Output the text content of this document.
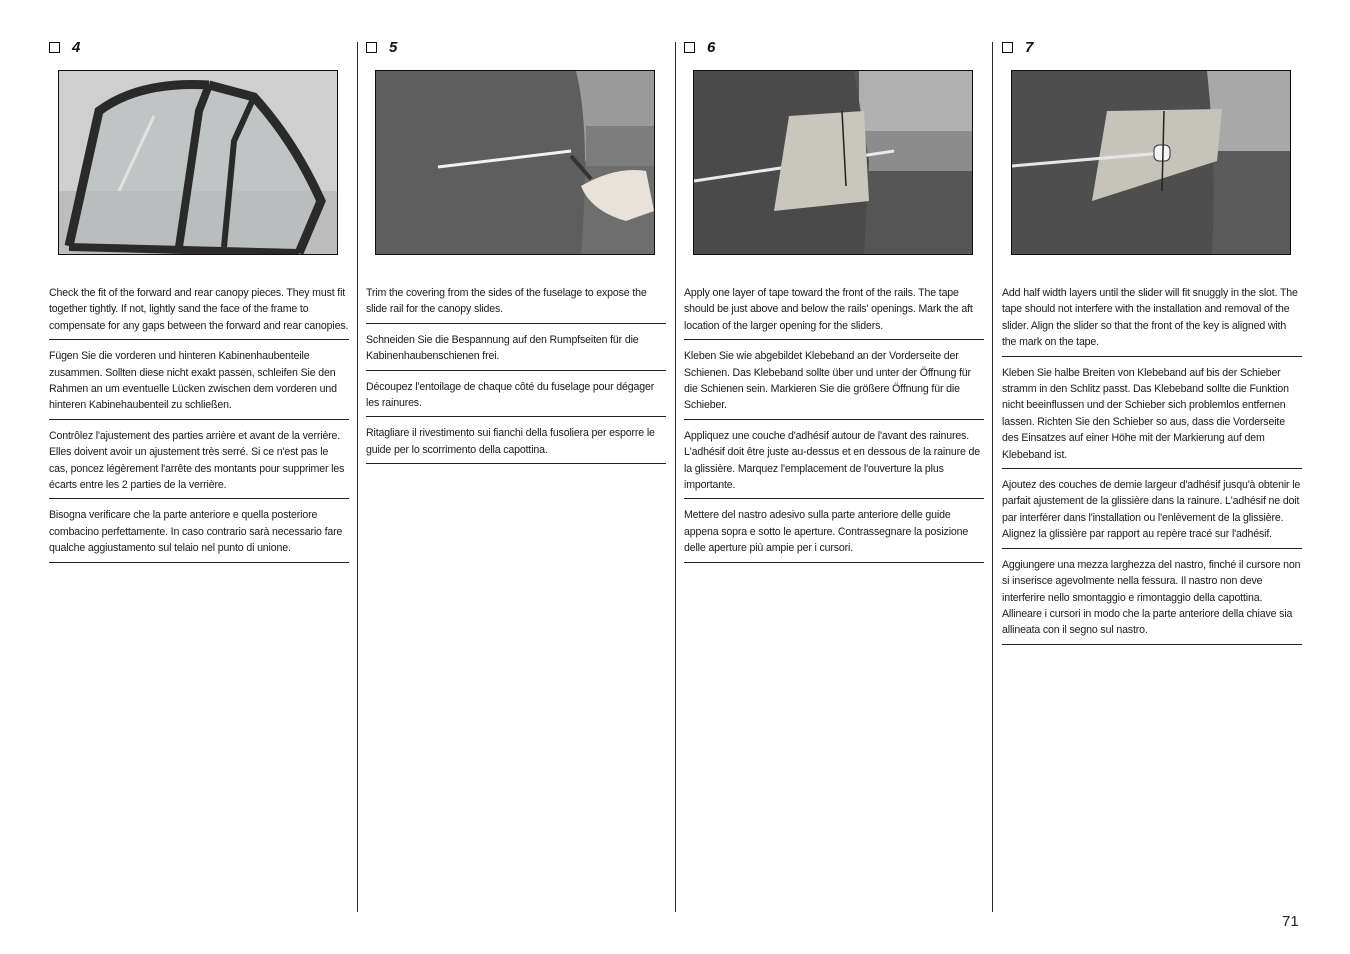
4
Check the fit of the forward and rear canopy pieces. They must fit together tightly. If not, lightly sand the face of the frame to compensate for any gaps between the forward and rear canopies.
Fügen Sie die vorderen und hinteren Kabinenhaubenteile zusammen. Sollten diese nicht exakt passen, schleifen Sie den Rahmen an um eventuelle Lücken zwischen dem vorderen und hinteren Kabinehaubenteil zu schließen.
Contrôlez l'ajustement des parties arrière et avant de la verrière. Elles doivent avoir un ajustement très serré. Si ce n'est pas le cas, poncez légèrement l'arrête des montants pour supprimer les écarts entre les 2 parties de la verrière.
Bisogna verificare che la parte anteriore e quella posteriore combacino perfettamente. In caso contrario sarà necessario fare qualche aggiustamento sul telaio nel punto di unione.
5
Trim the covering from the sides of the fuselage to expose the slide rail for the canopy slides.
Schneiden Sie die Bespannung auf den Rumpfseiten für die Kabinenhaubenschienen frei.
Découpez l'entoilage de chaque côté du fuselage pour dégager les rainures.
Ritagliare il rivestimento sui fianchi della fusoliera per esporre le guide per lo scorrimento della capottina.
6
Apply one layer of tape toward the front of the rails. The tape should be just above and below the rails' openings. Mark the aft location of the larger opening for the sliders.
Kleben Sie wie abgebildet Klebeband an der Vorderseite der Schienen. Das Klebeband sollte über und unter der Öffnung für die Schienen sein. Markieren Sie die größere Öffnung für die Schieber.
Appliquez une couche d'adhésif autour de l'avant des rainures. L'adhésif doit être juste au-dessus et en dessous de la rainure de la glissière. Marquez l'emplacement de l'ouverture la plus importante.
Mettere del nastro adesivo sulla parte anteriore delle guide appena sopra e sotto le aperture. Contrassegnare la posizione delle aperture più ampie per i cursori.
7
Add half width layers until the slider will fit snuggly in the slot. The tape should not interfere with the installation and removal of the slider. Align the slider so that the front of the key is aligned with the mark on the tape.
Kleben Sie halbe Breiten von Klebeband auf bis der Schieber stramm in den Schlitz passt. Das Klebeband sollte die Funktion nicht beeinflussen und der Schieber sich problemlos entfernen lassen. Richten Sie den Schieber so aus, dass die Vorderseite des Einsatzes auf einer Höhe mit der Markierung auf dem Klebeband ist.
Ajoutez des couches de demie largeur d'adhésif jusqu'à obtenir le parfait ajustement de la glissière dans la rainure. L'adhésif ne doit par interférer dans l'installation ou l'enlèvement de la glissière. Alignez la glissière par rapport au repère tracé sur l'adhésif.
Aggiungere una mezza larghezza del nastro, finché il cursore non si inserisce agevolmente nella fessura. Il nastro non deve interferire nello smontaggio e rimontaggio della capottina. Allineare i cursori in modo che la parte anteriore della chiave sia allineata con il segno sul nastro.
71
